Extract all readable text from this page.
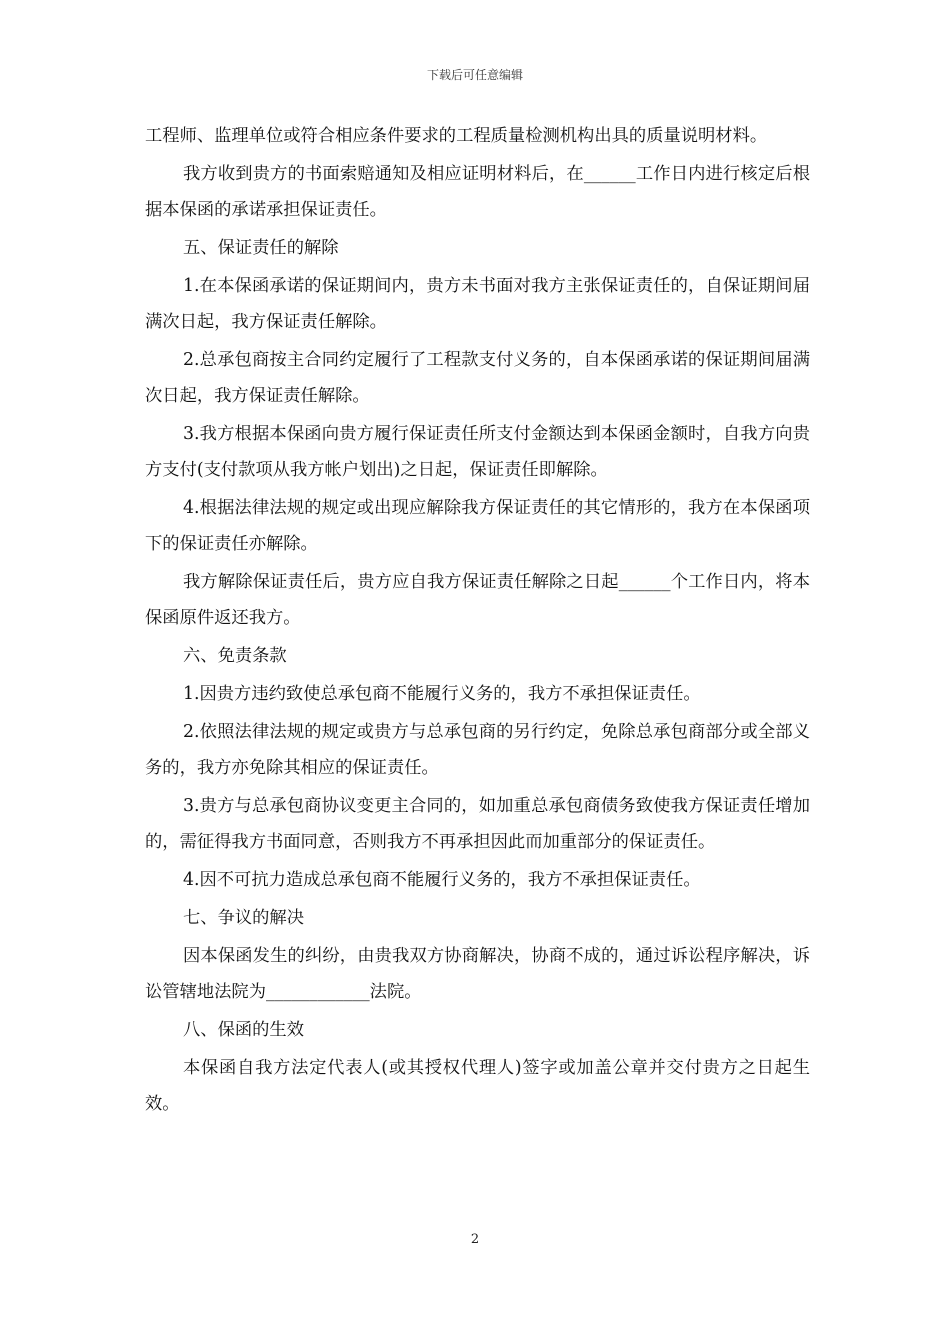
下载后可任意编辑

工程师、监理单位或符合相应条件要求的工程质量检测机构出具的质量说明材料。

我方收到贵方的书面索赔通知及相应证明材料后，在______工作日内进行核定后根据本保函的承诺承担保证责任。

五、保证责任的解除

1.在本保函承诺的保证期间内，贵方未书面对我方主张保证责任的，自保证期间届满次日起，我方保证责任解除。

2.总承包商按主合同约定履行了工程款支付义务的，自本保函承诺的保证期间届满次日起，我方保证责任解除。

3.我方根据本保函向贵方履行保证责任所支付金额达到本保函金额时，自我方向贵方支付(支付款项从我方帐户划出)之日起，保证责任即解除。

4.根据法律法规的规定或出现应解除我方保证责任的其它情形的，我方在本保函项下的保证责任亦解除。

我方解除保证责任后，贵方应自我方保证责任解除之日起______个工作日内，将本保函原件返还我方。

六、免责条款

1.因贵方违约致使总承包商不能履行义务的，我方不承担保证责任。

2.依照法律法规的规定或贵方与总承包商的另行约定，免除总承包商部分或全部义务的，我方亦免除其相应的保证责任。

3.贵方与总承包商协议变更主合同的，如加重总承包商债务致使我方保证责任增加的，需征得我方书面同意，否则我方不再承担因此而加重部分的保证责任。

4.因不可抗力造成总承包商不能履行义务的，我方不承担保证责任。

七、争议的解决

因本保函发生的纠纷，由贵我双方协商解决，协商不成的，通过诉讼程序解决，诉讼管辖地法院为____________法院。

八、保函的生效

本保函自我方法定代表人(或其授权代理人)签字或加盖公章并交付贵方之日起生效。

2
